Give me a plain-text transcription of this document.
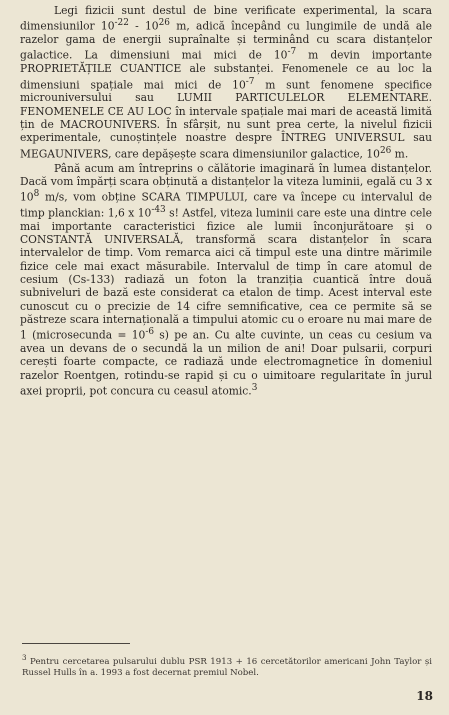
Legi fizicii sunt destul de bine verificate experimental, la scara dimensiunilor $10^{-22} - 10^{26}$ m, adică începând cu lungimile de undă ale razelor gama de energii supraînalte și terminând cu scara distanțelor galactice. La dimensiuni mai mici de $10^{-7}$ m devin importante PROPRIETĂȚILE CUANTICE ale substanței. Fenomenele ce au loc la dimensiuni spațiale mai mici de $10^{-7}$ m sunt fenomene specifice microuniversului sau LUMII PARTICULELOR ELEMENTARE. FENOMENELE CE AU LOC în intervale spațiale mai mari de această limită țin de MACROUNIVERS. În sfârșit, nu sunt prea certe, la nivelul fizicii experimentale, cunoștințele noastre despre ÎNTREG UNIVERSUL sau MEGAUNIVERS, care depășește scara dimensiunilor galactice, $10^{26}$ m.

Până acum am întreprins o călătorie imaginară în lumea distanțelor. Dacă vom împărți scara obținută a distanțelor la viteza luminii, egală cu 3 x $10^8$ m/s, vom obține SCARA TIMPULUI, care va începe cu intervalul de timp planckian: 1,6 x $10^{-43}$ s! Astfel, viteza luminii care este una dintre cele mai importante caracteristici fizice ale lumii înconjurătoare și o CONSTANTĂ UNIVERSALĂ, transformă scara distanțelor în scara intervalelor de timp. Vom remarca aici că timpul este una dintre mărimile fizice cele mai exact măsurabile. Intervalul de timp în care atomul de cesium (Cs-133) radiază un foton la tranziția cuantică între două subniveluri de bază este considerat ca etalon de timp. Acest interval este cunoscut cu o precizie de 14 cifre semnificative, cea ce permite să se păstreze scara internațională a timpului atomic cu o eroare nu mai mare de 1 (microsecunda = $10^{-6}$ s) pe an. Cu alte cuvinte, un ceas cu cesium va avea un devans de o secundă la un milion de ani! Doar pulsarii, corpuri cerești foarte compacte, ce radiază unde electromagnetice în domeniul razelor Roentgen, rotindu-se rapid și cu o uimitoare regularitate în jurul axei proprii, pot concura cu ceasul atomic.$^3$

$^3$ Pentru cercetarea pulsarului dublu PSR 1913 + 16 cercetătorilor americani John Taylor și Russel Hulls în a. 1993 a fost decernat premiul Nobel.
18
